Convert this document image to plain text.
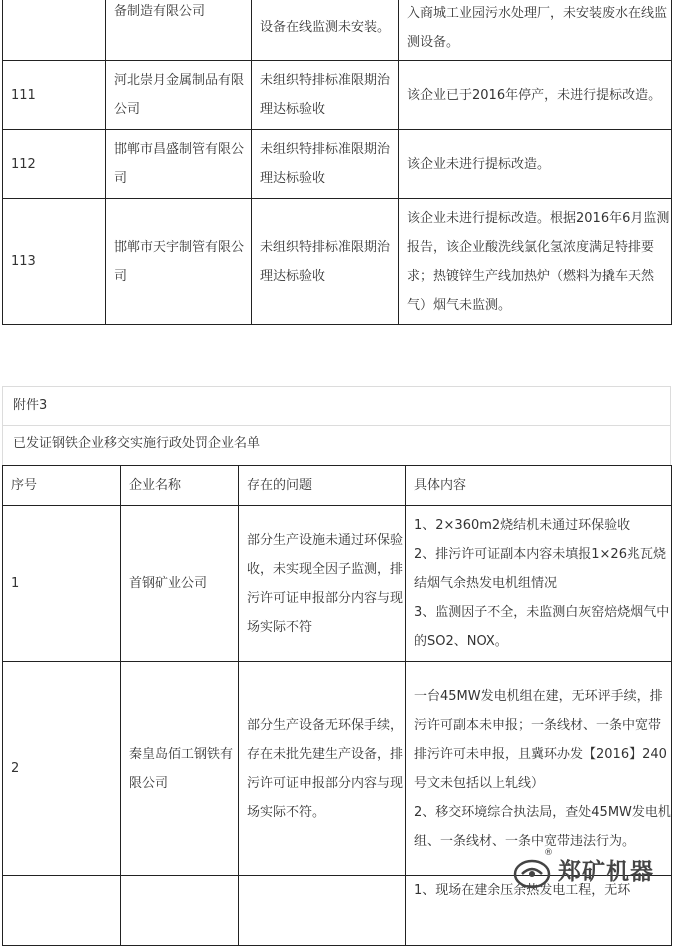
	备制造有限公司	设备在线监测未安装。	入商城工业园污水处理厂，未安装废水在线监测设备。
111	河北崇月金属制品有限公司	未组织特排标准限期治理达标验收	该企业已于2016年停产，未进行提标改造。
112	邯郸市昌盛制管有限公司	未组织特排标准限期治理达标验收	该企业未进行提标改造。
113	邯郸市天宇制管有限公司	未组织特排标准限期治理达标验收	该企业未进行提标改造。根据2016年6月监测报告，该企业酸洗线氯化氢浓度满足特排要求；热镀锌生产线加热炉（燃料为撬车天然气）烟气未监测。
附件3
已发证钢铁企业移交实施行政处罚企业名单
序号	企业名称	存在的问题	具体内容
1	首钢矿业公司	部分生产设施未通过环保验收，未实现全因子监测，排污许可证申报部分内容与现场实际不符	1、2×360m2烧结机未通过环保验收
2、排污许可证副本内容未填报1×26兆瓦烧结烟气余热发电机组情况
3、监测因子不全，未监测白灰窑焙烧烟气中的SO2、NOX。

2	秦皇岛佰工钢铁有限公司	部分生产设备无环保手续，存在未批先建生产设备，排污许可证申报部分内容与现场实际不符。	一台45MW发电机组在建，无环评手续，排污许可副本未申报；一条线材、一条中宽带排污许可未申报，且冀环办发【2016】240号文未包括以上轧线）
2、移交环境综合执法局，查处45MW发电机组、一条线材、一条中宽带违法行为。

			1、现场在建余压余热发电工程，无环
®
郑矿机器
